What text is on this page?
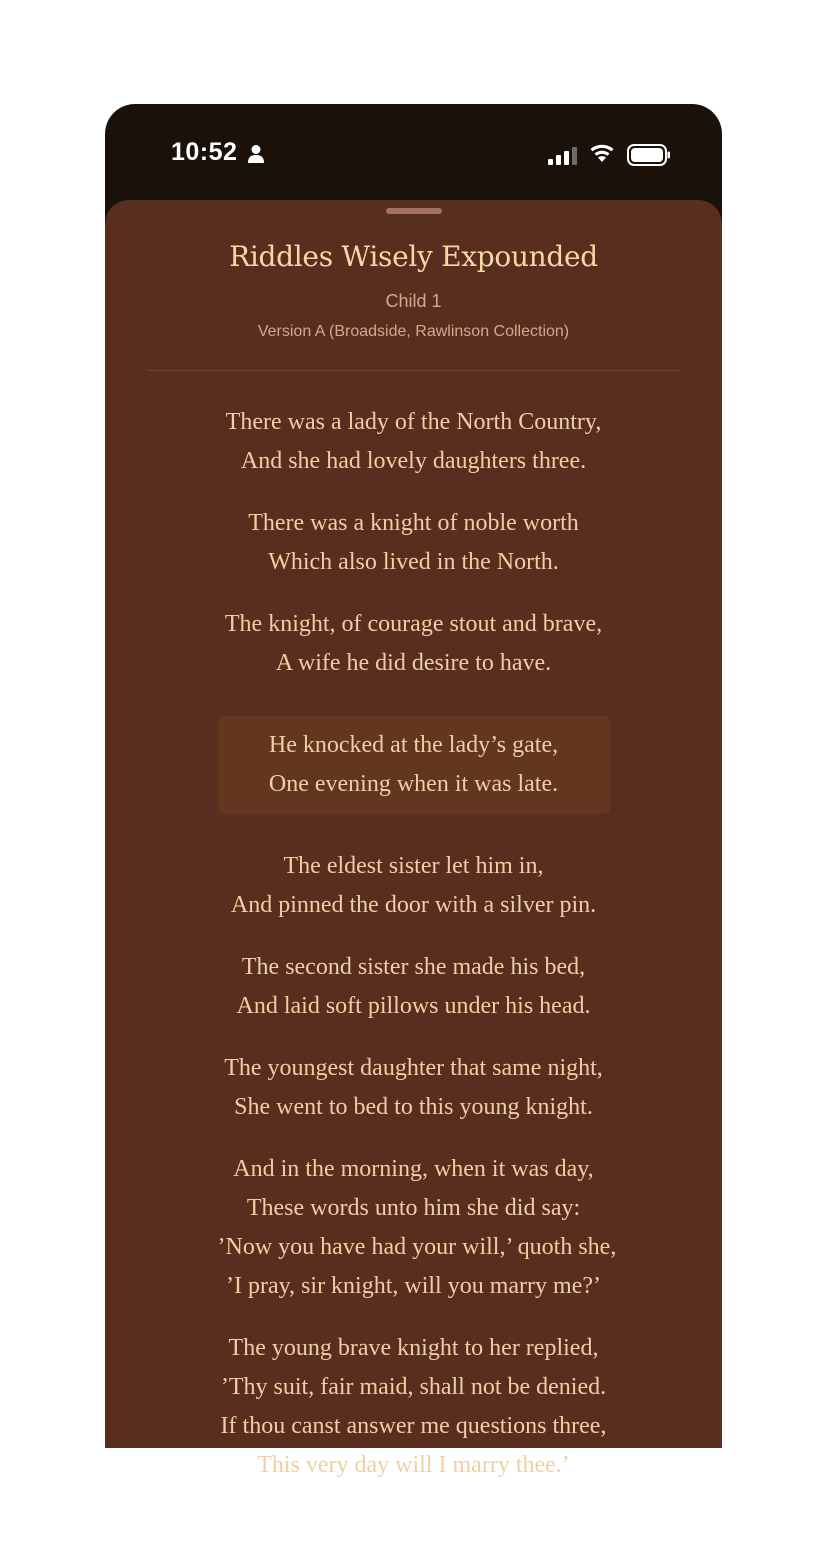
10:52
Riddles Wisely Expounded
Child 1
Version A (Broadside, Rawlinson Collection)
There was a lady of the North Country,
And she had lovely daughters three.
There was a knight of noble worth
Which also lived in the North.
The knight, of courage stout and brave,
A wife he did desire to have.
He knocked at the lady’s gate,
One evening when it was late.
The eldest sister let him in,
And pinned the door with a silver pin.
The second sister she made his bed,
And laid soft pillows under his head.
The youngest daughter that same night,
She went to bed to this young knight.
And in the morning, when it was day,
These words unto him she did say:
’Now you have had your will,’ quoth she,
’I pray, sir knight, will you marry me?’
The young brave knight to her replied,
’Thy suit, fair maid, shall not be denied.
If thou canst answer me questions three,
This very day will I marry thee.’
